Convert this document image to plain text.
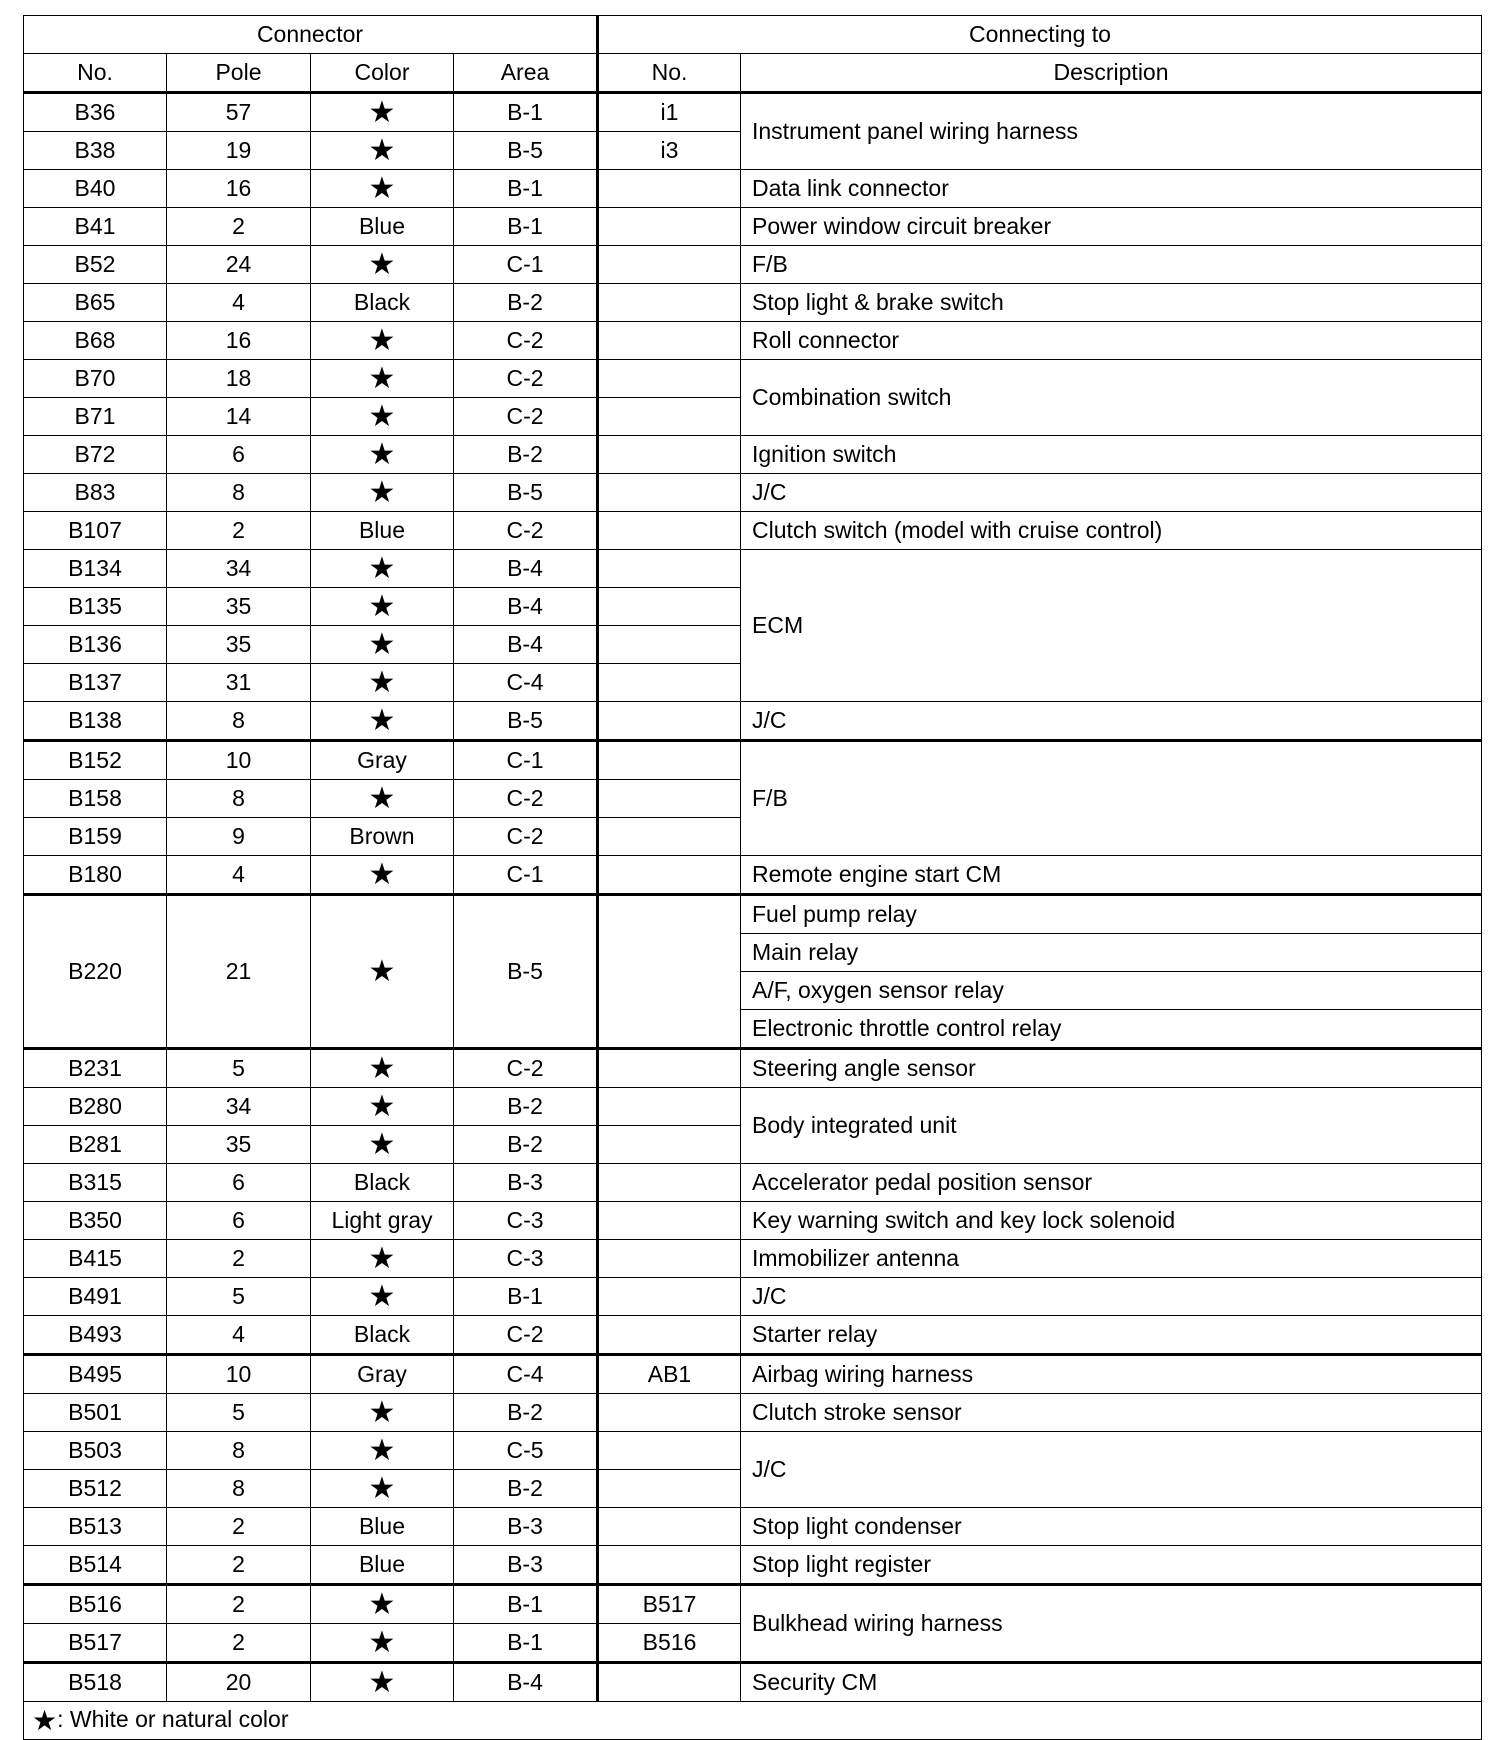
Connector				Connecting to	
No.	Pole	Color	Area	No.	Description
B36	57	★	B-1	i1	Instrument panel wiring harness
B38	19	★	B-5	i3	
B40	16	★	B-1		Data link connector
B41	2	Blue	B-1		Power window circuit breaker
B52	24	★	C-1		F/B
B65	4	Black	B-2		Stop light & brake switch
B68	16	★	C-2		Roll connector
B70	18	★	C-2		Combination switch
B71	14	★	C-2		
B72	6	★	B-2		Ignition switch
B83	8	★	B-5		J/C
B107	2	Blue	C-2		Clutch switch (model with cruise control)
B134	34	★	B-4		ECM
B135	35	★	B-4		
B136	35	★	B-4		
B137	31	★	C-4		
B138	8	★	B-5		J/C
B152	10	Gray	C-1		F/B
B158	8	★	C-2		
B159	9	Brown	C-2		
B180	4	★	C-1		Remote engine start CM
B220	21	★	B-5		Fuel pump relay
					Main relay
					A/F, oxygen sensor relay
					Electronic throttle control relay
B231	5	★	C-2		Steering angle sensor
B280	34	★	B-2		Body integrated unit
B281	35	★	B-2		
B315	6	Black	B-3		Accelerator pedal position sensor
B350	6	Light gray	C-3		Key warning switch and key lock solenoid
B415	2	★	C-3		Immobilizer antenna
B491	5	★	B-1		J/C
B493	4	Black	C-2		Starter relay
B495	10	Gray	C-4	AB1	Airbag wiring harness
B501	5	★	B-2		Clutch stroke sensor
B503	8	★	C-5		J/C
B512	8	★	B-2		
B513	2	Blue	B-3		Stop light condenser
B514	2	Blue	B-3		Stop light register
B516	2	★	B-1	B517	Bulkhead wiring harness
B517	2	★	B-1	B516	
B518	20	★	B-4		Security CM
★: White or natural color					
